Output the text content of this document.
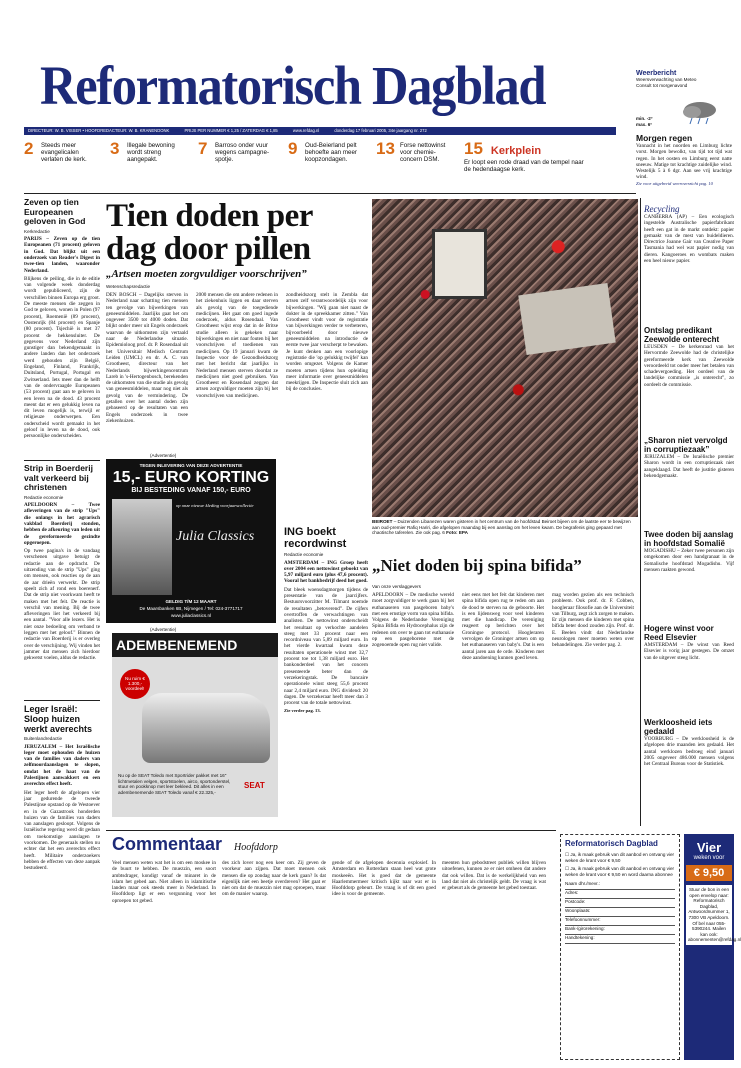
Reformatorisch Dagblad	Weerbericht
Weersverwachting van Meteo Consult tot morgenavond
DIRECTEUR: W. B. VISSER • HOOFDREDACTEUR: W. B. KRANENDONK	PRIJS PER NUMMER € 1,25 / ZATERDAG € 1,85	www.refdag.nl	donderdag 17 februari 2005, 34e jaargang nr. 272
min. -2°
max. 6°
Morgen regen
Vannacht in het noorden en Limburg lichte vorst. Morgen bewolkt, van tijd tot tijd wat regen. In het oosten en Limburg eerst natte sneeuw. Matige tot krachtige zuidelijke wind. Westelijk 5 à 6 dgr. Aan see vrij krachtige wind.
Zie voor uitgebreid weeroverzicht pag. 10
2 Steeds meer evangelicalen verlaten de kerk.
3 Illegale bewoning wordt streng aangepakt.
7 Barroso onder vuur wegens campagne-spotje.
9 Oud-Beierland pelt behoefte aan meer koopzondagen.
13 Forse nettowinst voor chemie-concern DSM.
15 Kerkplein
Er loopt een rode draad van de tempel naar de hedendaagse kerk.
Zeven op tien Europeanen geloven in God
Kerkredactie
PARIJS – Zeven op de tien Europeanen (71 procent) geloven in God. Dat blijkt uit een onderzoek van Reader's Digest in twee-tien landen, waaronder Nederland.
Blijkens de peiling, die in de editie van volgende week donderdag wordt gepubliceerd, zijn de verschillen binnen Europa erg groot. De meeste mensen die zeggen in God te geloven, wonen in Polen (97 procent), Roemenië (89 procent), Oostenrijk (84 procent) en Spanje (80 procent). Tsjechië is met 37 procent de hekkensluiter. De gegevens voor Nederland zijn gunstiger dan bekendgemaakt in andere landen dan het onderzoek werd gehouden zijn België, Engeland, Finland, Frankrijk, Duitsland, Portugal, Portugal en Zwitserland. Iets meer dan de helft van de ondervraagde Europeanen (53 procent) gaat aan te geloven in een leven na de dood. 43 procent meent dat er een gelukkig leven na dit leven mogelijk is, terwijl er religieuze onderwerpen. Een onderscheid wordt gemaakt in het geloof in leven na de dood, ook persoonlijke onderscheiden.
Strip in Boerderij valt verkeerd bij christenen
Redactie economie
APELDOORN – Twee afleveringen van de strip "Ups" die onlangs in het agrarisch vakblad Boerderij stonden, hebben de afkeuring van leden uit de gereformeerde gezindte opgeroepen.
Op twee pagina's in de vandaag verschenen uitgave betuigt de redactie aan de opdracht. De uitzending van de strip "Ups" ging om mensen, ook reacties op de aan de aar drieën verwerkt. De strip speelt zich af rond een boerenerf. Dat de strip niet voorkwam heeft te maken met het feit. De reactie is verschil van mening. Bij de twee afleveringen liet het verkeerd bij een aantal. "Voor alle lezers. Het is niet onze bedoeling om verband te leggen met het geloof." Binnen de redactie van Boerderij is er overleg over de verschijning. Wij vinden het jammer dat mensen zich hierdoor gekwetst voelen, aldus de redactie.
Leger Israël: Sloop huizen werkt averechts
Buitenlandredactie
JERUZALEM – Het Israëlische leger moet ophouden de huizen van de families van daders van zelfmoordaanslagen te slopen, omdat het de haat van de Palestijnen aanwakkert en een averechts effect heeft.
Het leger heeft de afgelopen vier jaar gedurende de tweede Palestijnse opstand op de Westoever en in de Gazastrook honderden huizen van de families van daders van aanslagen gesloopt. Volgens de Israëlische regering werd dit gedaan om toekomstige aanslagen te voorkomen. De generaals stellen nu echter dat het een averechts effect heeft. Militaire onderzoekers hebben de effecten van deze aanpak bestudeerd.
Tien doden per dag door pillen
„Artsen moeten zorgvuldiger voorschrijven”
Wetenschapsredactie
DEN BOSCH – Dagelijks sterven in Nederland naar schatting tien mensen ten gevolge van bijwerkingen van geneesmiddelen. Jaarlijks gaat het om ongeveer 3500 tot 4000 doden. Dat blijkt onder meer uit Engels onderzoek waarvan de uitkomsten zijn vertaald naar de Nederlandse situatie. Epidemioloog prof. dr. P. Rosendaal uit het Universitair Medisch Centrum Leiden (UMCL) en dr. A. C. van Grootheest, directeur van het Nederlands bijwerkingencentrum Lareb in 's-Hertogenbosch, berekenden de uitkomsten van die studie als gevolg van geneesmiddelen, maar nog niet als gevolg van de vermindering. De getallen over het aantal doden zijn gebaseerd op de resultaten van een Engels onderzoek in twee ziekenhuizen.
2000 mensen die om andere redenen in het ziekenhuis liggen en daar sterven als gevolg van de toegediende medicijnen. Het gaat om goed ingede onderzoek, aldus Rosendaal. Van Grootheest wijst erop dat in de Britse studie alleen is gekeken naar bijwerkingen en niet naar fouten bij het voorschrijven of toedienen van medicijnen. Op 19 januari kwam de Inspectie voor de Gezondheidszorg met het bericht dat jaarlijks in Nederland mensen sterven doordat ze medicijnen niet goed gebruiken. Van Grootheest en Rosendaal zeggen dat artsen zorgvuldiger moeten zijn bij het voorschrijven van medicijnen.
zondheidszorg stelt in Zembla dat artsen zelf verantwoordelijk zijn voor bijwerkingen. "Wij gaan niet naast de dokter in de spreekkamer zitten." Van Grootheest vindt voor de registratie van bijwerkingen verder te verbeteren, bijvoorbeeld door nieuwe geneesmiddelen na introductie de eerste twee jaar verscherpt te bewaken. Je kunt denken aan een voorlopige registratie die 'op gelukkig twijfel' kan worden omgezet. Volgens de Kamer moeten artsen tijdens hun opleiding meer informatie over geneesmiddelen meekrijgen. De Inspectie sluit zich aan bij de conclusies.
BEIROET – Duizenden Libanezen waren gisteren in het centrum van de hoofdstad Beiroet bijeen om de laatste eer te bewijzen aan oud-premier Rafiq Hariri, die afgelopen maandag bij een aanslag om het leven kwam. De begrafenis ging gepaard met chaotische taferelen. Zie ook pag. 6 Foto: EPA
(Advertentie)
TEGEN INLEVERING VAN DEZE ADVERTENTIE
15,- EURO KORTING
BIJ BESTEDING VANAF 150,- EURO
op onze nieuwe kleding voorjaarscollectie
Julia Classics
GELDIG T/M 12 MAART
De Maarsbanken 6B, Nijmegen / Tel: 024-3771717
www.juliaclassics.nl
(Advertentie)
ADEMBENEMEND
Nu ruim € 1.300,- voordeel!
Nu op de SEAT Toledo met Sportrider pakket met 16" lichtmetalen velgen, sportstoelen, airco, sportonderstel, stuur en pookknop met leer bekleed. Dit alles in een adembenemende SEAT Toledo vanaf € 22.325,-
SEAT
ING boekt recordwinst
Redactie economie
AMSTERDAM – ING Groep heeft over 2004 een nettowinst geboekt van 5,97 miljard euro (plus 47,6 procent). Vooral het bankbedrijf deed het goed.
Dat bleek woensdagmorgen tijdens de presentatie van de jaarcijfers. Bestuursvoorzitter M. Tilmant noemde de resultaten „betoverend”. De cijfers overtroffen de verwachtingen van analisten. De nettowinst onderscheidt het resultaat op verkochte aandelen steeg met 33 procent naar een recordniveau van 5,89 miljard euro. In het vierde kwartaal kwam deze resultaten operationele winst met 32,7 procent toe tot 1,38 miljard euro. Het bankonderdeel van het concern presenteerde beter dan de verzekeringstak. De bancaire operationele winst steeg 55,6 procent naar 2,4 miljard euro. ING dividend: 20 dagen. De verzekeraar heeft meer dan 3 procent van de totale nettowinst.
Zie verder pag. 13.
„Niet doden bij spina bifida”
Van onze verslaggevers
APELDOORN – De medische wereld moet zorgvuldiger te werk gaan bij het euthanaseren van pasgeboren baby's met een ernstige vorm van spina bifida. Volgens de Nederlandse Vereniging Spina Bifida en Hydrocephalus zijn de redenen om over te gaan tot euthanasie op een pasgeborene met de zogenoemde open rug niet valide.
niet eens met het feit dat kinderen met spina bifida open rug te reden om aan de dood te sterven na de geboorte. Het is een lijdensweg voor veel kinderen met die handicap. De vereniging reageert op berichten over het Groningse protocol. Hoogleraren vervolgen de Groninger artsen om op het euthanaseren van baby's. Dat is een aantal jaren aan de orde. Kinderen met deze aandoening kunnen goed leven.
mag worden gezien als een technisch probleem. Ook prof. dr. F. Cobben, hoogleraar filosofie aan de Universiteit van Tilburg, zegt zich zorgen te maken. Er zijn mensen die kinderen met spina bifida beter dood zouden zijn. Prof. dr. E. Beelen vindt dat Nederlandse neurologen meer moeten weten over behandelingen. Zie verder pag. 2.
Recycling
CANBERRA (AP) – Een ecologisch ingestelde Australische papierfabrikant heeft een gat in de markt ontdekt: papier gemaakt van de mest van buideldieren. Directrice Joanne Gair van Creative Paper Tasmania had wel wat papier nodig van dieren. Kangoeroes en wombats maken een heel nieuw papier.
Ontslag predikant Zeewolde onterecht
LEUSDEN – De kerkenraad van het Hervormde Zeewolde had de christelijke gereformeerde kerk van Zeewolde veroordeeld tot onder meer het betalen van schadevergoeding. Het oordeel van de landelijke commissie „is onterecht”, zo oordeelt de commissie.
„Sharon niet vervolgd in corruptiezaak”
JERUZALEM – De Israëlische premier Sharon wordt in een corruptiezaak niet aangeklaagd. Dat heeft de justitie gisteren bekendgemaakt.
Twee doden bij aanslag in hoofdstad Somalië
MOGADISHU – Zeker twee personen zijn omgekomen door een handgranaat in de Somalische hoofdstad Mogadishu. Vijf mensen raakten gewond.
Hogere winst voor Reed Elsevier
AMSTERDAM – De winst van Reed Elsevier is vorig jaar gestegen. De omzet van de uitgever steeg licht.
Werkloosheid iets gedaald
VOORBURG – De werkloosheid is de afgelopen drie maanden iets gedaald. Het aantal werklozen bedroeg eind januari 2005 ongeveer 486.000 mensen volgens het Centraal Bureau voor de Statistiek.
Commentaar Hoofddorp
Veel mensen weten wat het is om een moskee in de buurt te hebben. De muezzin, een soort ambtsdrager, kondigt vanaf de minaret in de islam het gebed aan. Niet alleen in islamitische landen maar ook steeds meer in Nederland. In Hoofddorp ligt er een vergunning voor het oproepen tot gebed.
des zich lover nog een keer om. Zij geven de voorkeur aan zijpen. Dat moet mensen ook mensen die op zondag naar de kerk gaan? Is dat eigenlijk niet een beetje overdreven? Het gaat er niet om dat de muezzin niet mag oproepen, maar om de manier waarop.
gende of de afgelopen decennia explosief. In Amsterdam en Rotterdam staan heel wat grote moskeeën. Het is goed dat de gemeente Haarlemmermeer kritisch kijkt naar wat er in Hoofddorp gebeurt. De vraag is of dit een goed idee is voor de gemeente.
meenten hun gebodstreet publiek willen blijven uitoefenen, kunnen ze er niet omheen dat andere dat ook willen. Dat is de werkelijkheid van een land dat niet als christelijk geldt. De vraag is wat er gebeurt als de gemeente het gebed toestaat.
Reformatorisch Dagblad
☐ Ja, ik maak gebruik van dit aanbod en ontvang vier weken de krant voor € 9,50
☐ Ja, ik maak gebruik van dit aanbod en ontvang vier weken de krant voor € 9,50 en word daarna abonnee
Naam dhr./mevr.:
Adres:
Postcode:
Woonplaats:
Telefoonnummer:
Bank-/girorekening:
Handtekening:
Vier
weken voor
€ 9,50
Stuur de bon in een open envelop naar: Reformatorisch Dagblad, Antwoordnummer 1, 7300 VB Apeldoorn. Of bel naar 055-5390244. Mailen kan ook: abonnementen@refdag.nl
